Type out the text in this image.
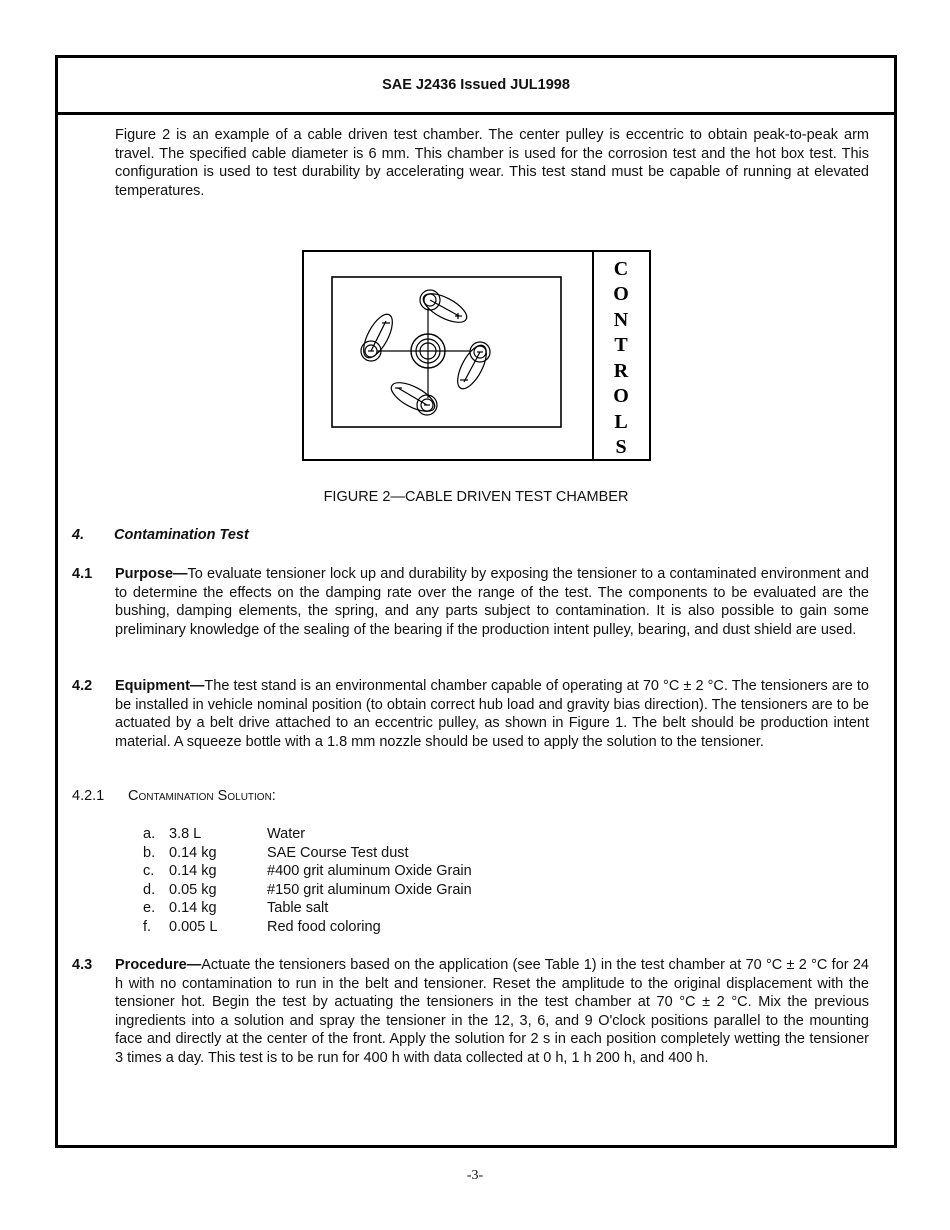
SAE J2436 Issued JUL1998
Figure 2 is an example of a cable driven test chamber. The center pulley is eccentric to obtain peak-to-peak arm travel. The specified cable diameter is 6 mm. This chamber is used for the corrosion test and the hot box test. This configuration is used to test durability by accelerating wear. This test stand must be capable of running at elevated temperatures.
C
O
N
T
R
O
L
S
FIGURE 2—CABLE DRIVEN TEST CHAMBER
4. Contamination Test
4.1 Purpose—To evaluate tensioner lock up and durability by exposing the tensioner to a contaminated environment and to determine the effects on the damping rate over the range of the test. The components to be evaluated are the bushing, damping elements, the spring, and any parts subject to contamination. It is also possible to gain some preliminary knowledge of the sealing of the bearing if the production intent pulley, bearing, and dust shield are used.
4.2 Equipment—The test stand is an environmental chamber capable of operating at 70 °C ± 2 °C. The tensioners are to be installed in vehicle nominal position (to obtain correct hub load and gravity bias direction). The tensioners are to be actuated by a belt drive attached to an eccentric pulley, as shown in Figure 1. The belt should be production intent material. A squeeze bottle with a 1.8 mm nozzle should be used to apply the solution to the tensioner.
4.2.1 Contamination Solution:
a. 3.8 L	Water
b. 0.14 kg	SAE Course Test dust
c.	0.14 kg	#400 grit aluminum Oxide Grain
d. 0.05 kg	#150 grit aluminum Oxide Grain
e. 0.14 kg	Table salt
f.	0.005 L	Red food coloring
4.3 Procedure—Actuate the tensioners based on the application (see Table 1) in the test chamber at 70 °C ± 2 °C for 24 h with no contamination to run in the belt and tensioner. Reset the amplitude to the original displacement with the tensioner hot. Begin the test by actuating the tensioners in the test chamber at 70 °C ± 2 °C. Mix the previous ingredients into a solution and spray the tensioner in the 12, 3, 6, and 9 O'clock positions parallel to the mounting face and directly at the center of the front. Apply the solution for 2 s in each position completely wetting the tensioner 3 times a day. This test is to be run for 400 h with data collected at 0 h, 1 h 200 h, and 400 h.
-3-
